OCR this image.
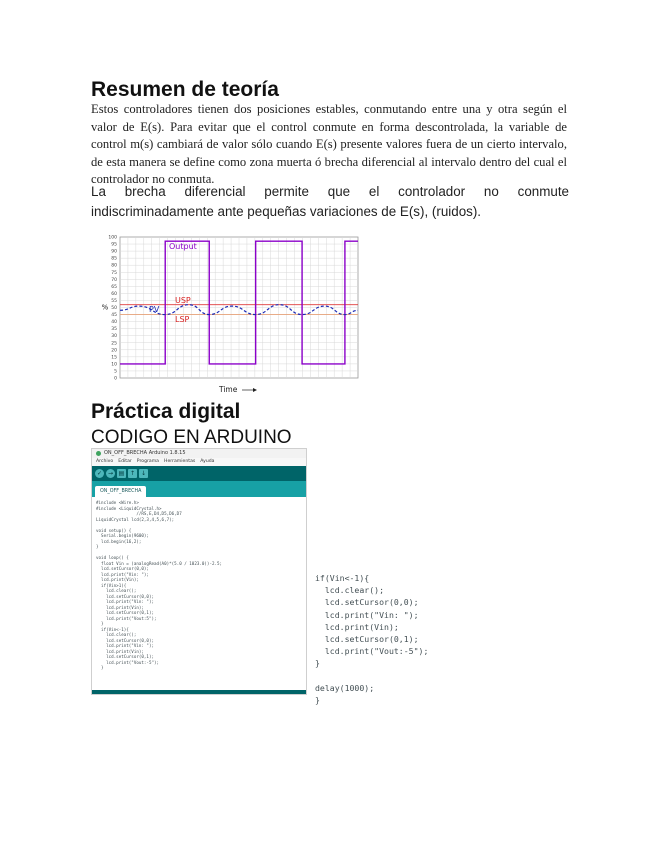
Resumen de teoría
Estos controladores tienen dos posiciones estables, conmutando entre una y otra según el valor de E(s). Para evitar que el control conmute en forma descontrolada, la variable de control m(s) cambiará de valor sólo cuando E(s) presente valores fuera de un cierto intervalo, de esta manera se define como zona muerta ó brecha diferencial al intervalo dentro del cual el controlador no conmuta.
La brecha diferencial permite que el controlador no conmute indiscriminadamente ante pequeñas variaciones de E(s), (ruidos).
100
95
90
85
80
75
70
65
60
55
50
45
40
35
30
25
20
15
10
5
0
%
Output
USP
PV
LSP
Time
Práctica digital
CODIGO EN ARDUINO
ON_OFF_BRECHA Arduino 1.8.15
Archivo Editar Programa Herramientas Ayuda
✓ → ▤ ↑ ↓
ON_OFF_BRECHA
#include <Wire.h>
#include <LiquidCrystal.h>
//RS,E,D4,D5,D6,D7
LiquidCrystal lcd(2,3,4,5,6,7);

void setup() {
Serial.begin(9600);
lcd.begin(16,2);
}

void loop() {
float Vin = (analogRead(A0)*(5.0 / 1023.0))-2.5;
lcd.setCursor(0,0);
lcd.print("Vin: ");
lcd.print(Vin);
if(Vin>1){
lcd.clear();
lcd.setCursor(0,0);
lcd.print("Vin: ");
lcd.print(Vin);
lcd.setCursor(0,1);
lcd.print("Vout:5");
}
if(Vin<-1){
lcd.clear();
lcd.setCursor(0,0);
lcd.print("Vin: ");
lcd.print(Vin);
lcd.setCursor(0,1);
lcd.print("Vout:-5");
}
if(Vin<-1){
lcd.clear();
lcd.setCursor(0,0);
lcd.print("Vin: ");
lcd.print(Vin);
lcd.setCursor(0,1);
lcd.print("Vout:-5");
}

delay(1000);
}
